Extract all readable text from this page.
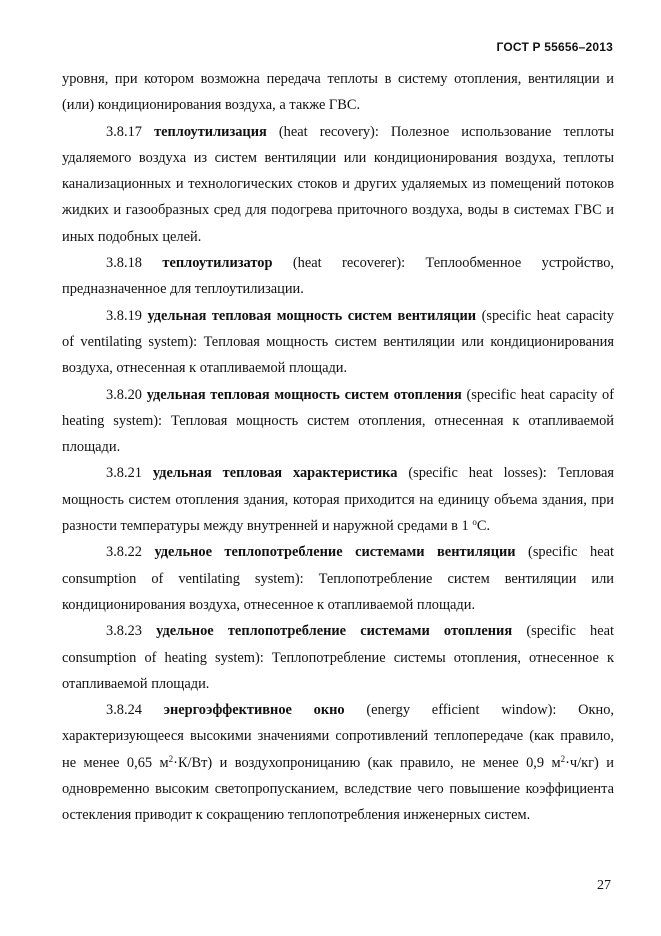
ГОСТ Р 55656–2013

уровня, при котором возможна передача теплоты в систему отопления, вентиляции и (или) кондиционирования воздуха, а также ГВС.

3.8.17 теплоутилизация (heat recovery): Полезное использование теплоты удаляемого воздуха из систем вентиляции или кондиционирования воздуха, теплоты канализационных и технологических стоков и других удаляемых из помещений потоков жидких и газообразных сред для подогрева приточного воздуха, воды в системах ГВС и иных подобных целей.

3.8.18 теплоутилизатор (heat recoverer): Теплообменное устройство, предназначенное для теплоутилизации.

3.8.19 удельная тепловая мощность систем вентиляции (specific heat capacity of ventilating system): Тепловая мощность систем вентиляции или кондиционирования воздуха, отнесенная к отапливаемой площади.

3.8.20 удельная тепловая мощность систем отопления (specific heat capacity of heating system): Тепловая мощность систем отопления, отнесенная к отапливаемой площади.

3.8.21 удельная тепловая характеристика (specific heat losses): Тепловая мощность систем отопления здания, которая приходится на единицу объема здания, при разности температуры между внутренней и наружной средами в 1 $^o$С.

3.8.22 удельное теплопотребление системами вентиляции (specific heat consumption of ventilating system): Теплопотребление систем вентиляции или кондиционирования воздуха, отнесенное к отапливаемой площади.

3.8.23 удельное теплопотребление системами отопления (specific heat consumption of heating system): Теплопотребление системы отопления, отнесенное к отапливаемой площади.

3.8.24 энергоэффективное окно (energy efficient window): Окно, характеризующееся высокими значениями сопротивлений теплопередаче (как правило, не менее 0,65 $м^2\cdot К/Вт$) и воздухопроницанию (как правило, не менее 0,9 $м^2\cdot ч/кг$) и одновременно высоким светопропусканием, вследствие чего повышение коэффициента остекления приводит к сокращению теплопотребления инженерных систем.

27
